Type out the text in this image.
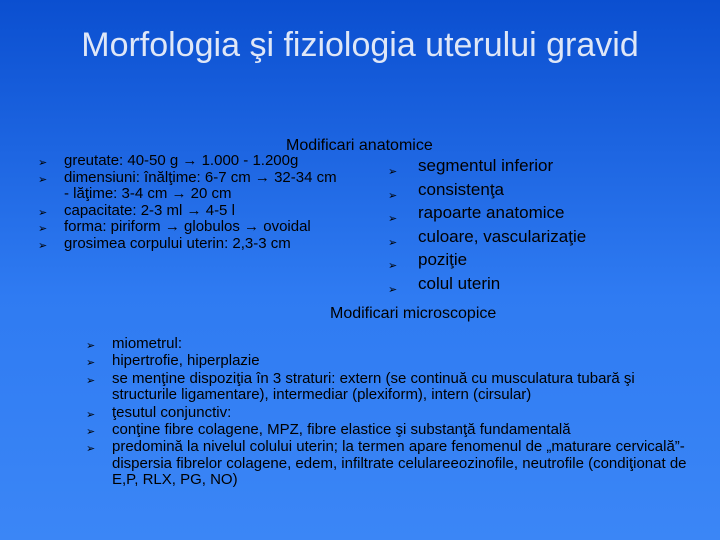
Morfologia şi fiziologia uterului gravid
Modificari anatomice
➢ greutate: 40-50 g → 1.000 - 1.200g
➢ dimensiuni: înălţime: 6-7 cm → 32-34 cm - lăţime: 3-4 cm → 20 cm
➢ capacitate: 2-3 ml → 4-5 l
➢ forma: piriform → globulos → ovoidal
➢ grosimea corpului uterin: 2,3-3 cm
➢ segmentul inferior
➢ consistenţa
➢ rapoarte anatomice
➢ culoare, vascularizaţie
➢ poziţie
➢ colul uterin
Modificari microscopice
➢ miometrul:
➢ hipertrofie, hiperplazie
➢ se menţine dispoziţia în 3 straturi: extern (se continuă cu musculatura tubară şi structurile ligamentare), intermediar (plexiform), intern (cirsular)
➢ ţesutul conjunctiv:
➢ conţine fibre colagene, MPZ, fibre elastice şi substanţă fundamentală
➢ predomină la nivelul colului uterin; la termen apare fenomenul de „maturare cervicală”- dispersia fibrelor colagene, edem, infiltrate celulareeozinofile, neutrofile (condiţionat de E,P, RLX, PG, NO)
